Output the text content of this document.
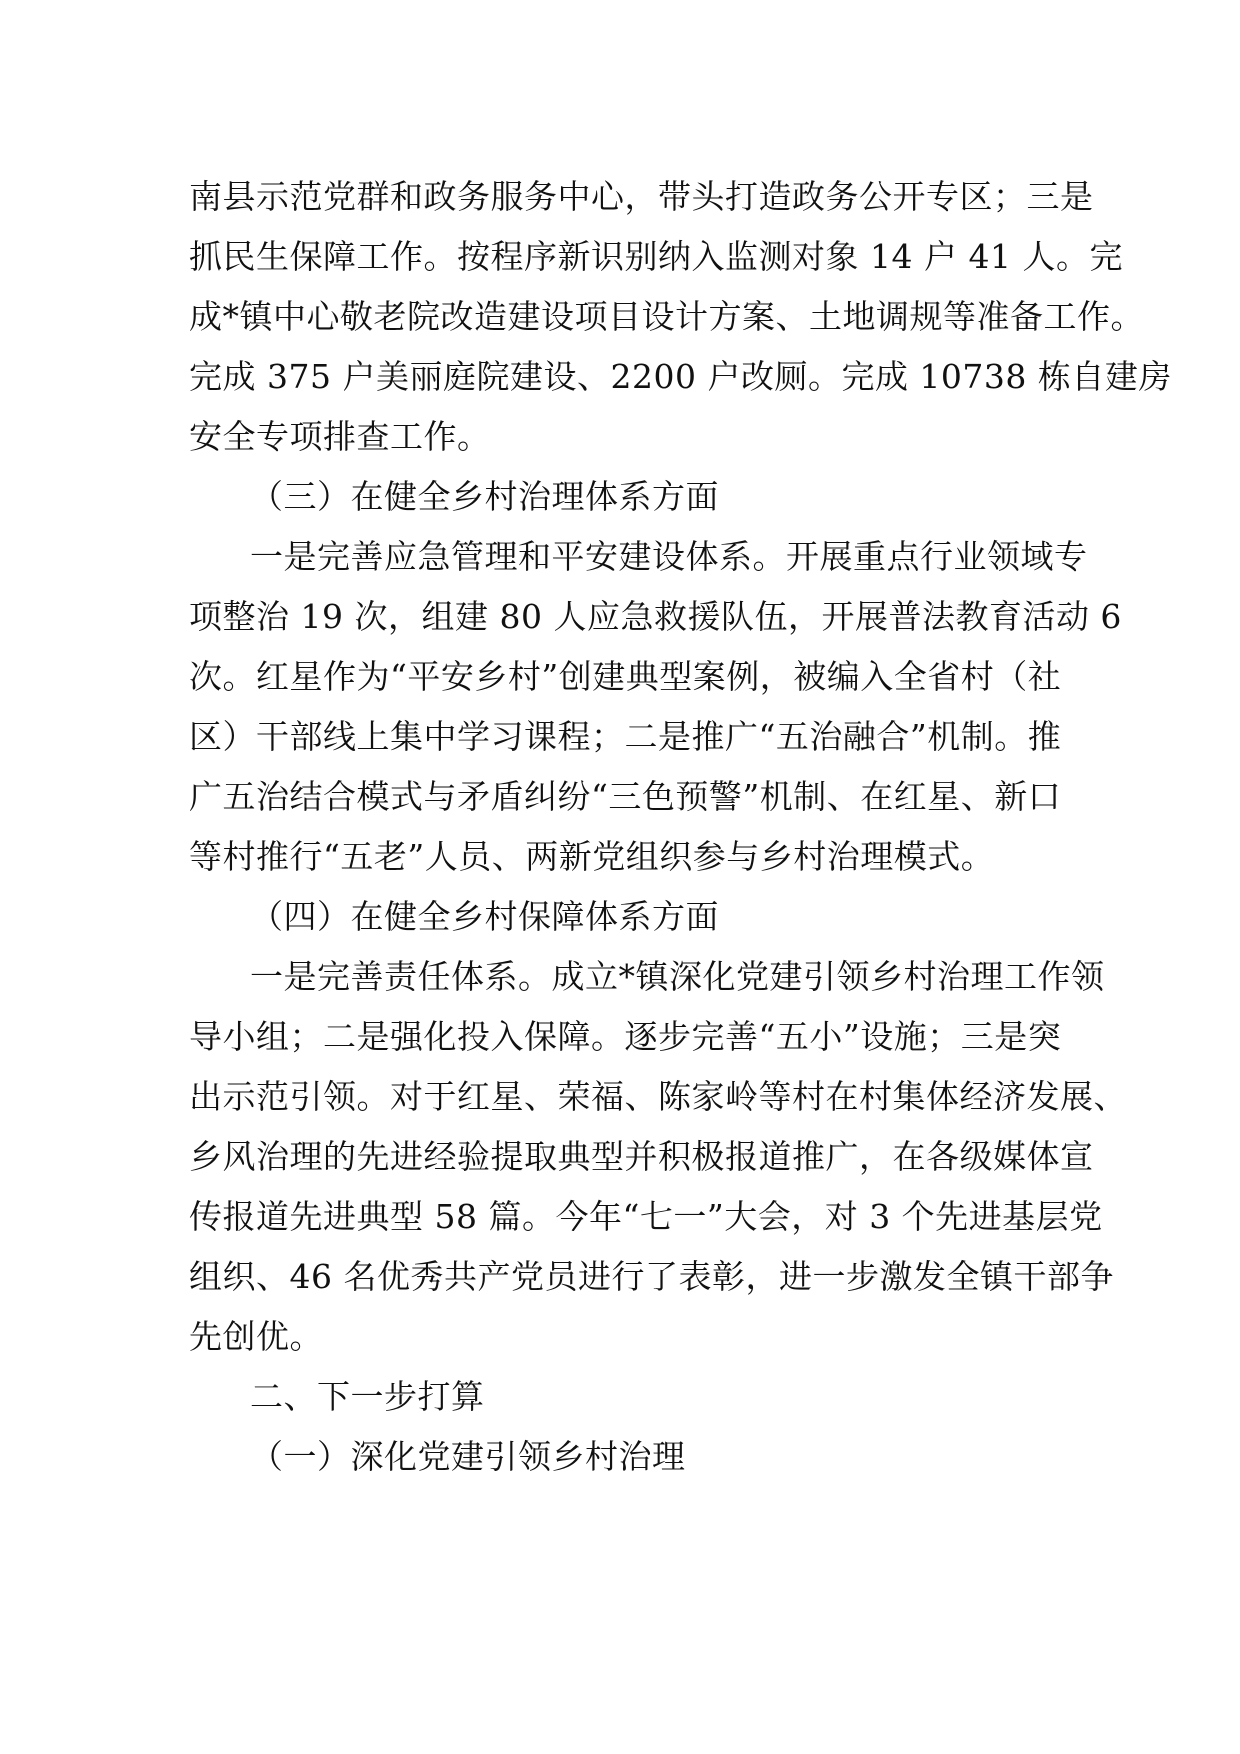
南县示范党群和政务服务中心，带头打造政务公开专区；三是
抓民生保障工作。按程序新识别纳入监测对象 14 户 41 人。完
成*镇中心敬老院改造建设项目设计方案、土地调规等准备工作。
完成 375 户美丽庭院建设、2200 户改厕。完成 10738 栋自建房
安全专项排查工作。
（三）在健全乡村治理体系方面
一是完善应急管理和平安建设体系。开展重点行业领域专
项整治 19 次，组建 80 人应急救援队伍，开展普法教育活动 6
次。红星作为“平安乡村”创建典型案例，被编入全省村（社
区）干部线上集中学习课程；二是推广“五治融合”机制。推
广五治结合模式与矛盾纠纷“三色预警”机制、在红星、新口
等村推行“五老”人员、两新党组织参与乡村治理模式。
（四）在健全乡村保障体系方面
一是完善责任体系。成立*镇深化党建引领乡村治理工作领
导小组；二是强化投入保障。逐步完善“五小”设施；三是突
出示范引领。对于红星、荣福、陈家岭等村在村集体经济发展、
乡风治理的先进经验提取典型并积极报道推广，在各级媒体宣
传报道先进典型 58 篇。今年“七一”大会，对 3 个先进基层党
组织、46 名优秀共产党员进行了表彰，进一步激发全镇干部争
先创优。
二、下一步打算
（一）深化党建引领乡村治理
